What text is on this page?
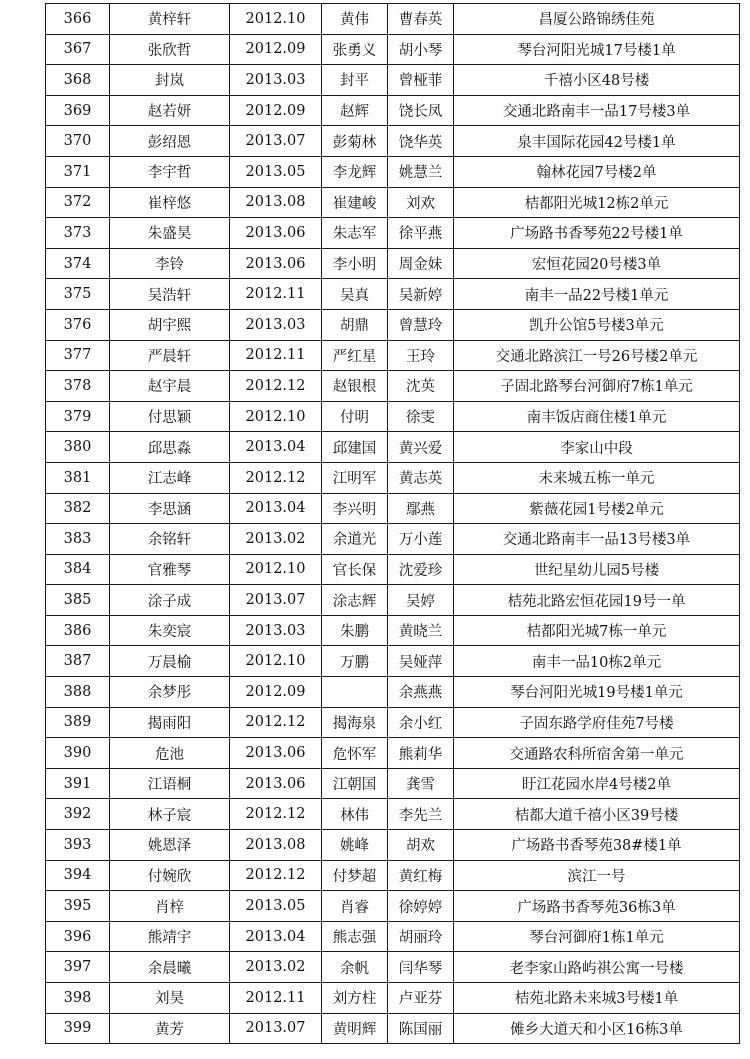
366	黄梓轩	2012.10	黄伟	曹春英	昌厦公路锦绣佳苑
367	张欣哲	2012.09	张勇义	胡小琴	琴台河阳光城17号楼1单
368	封岚	2013.03	封平	曾桠菲	千禧小区48号楼
369	赵若妍	2012.09	赵辉	饶长凤	交通北路南丰一品17号楼3单
370	彭绍恩	2013.07	彭菊林	饶华英	泉丰国际花园42号楼1单
371	李宇哲	2013.05	李龙辉	姚慧兰	翰林花园7号楼2单
372	崔梓悠	2013.08	崔建峻	刘欢	桔都阳光城12栋2单元
373	朱盛昊	2013.06	朱志军	徐平燕	广场路书香琴苑22号楼1单
374	李铃	2013.06	李小明	周金妹	宏恒花园20号楼3单
375	吴浩轩	2012.11	吴真	吴新婷	南丰一品22号楼1单元
376	胡宇熙	2013.03	胡鼎	曾慧玲	凯升公馆5号楼3单元
377	严晨轩	2012.11	严红星	王玲	交通北路滨江一号26号楼2单元
378	赵宇晨	2012.12	赵银根	沈英	子固北路琴台河御府7栋1单元
379	付思颖	2012.10	付明	徐雯	南丰饭店商住楼1单元
380	邱思淼	2013.04	邱建国	黄兴爱	李家山中段
381	江志峰	2012.12	江明军	黄志英	未来城五栋一单元
382	李思涵	2013.04	李兴明	鄢燕	紫薇花园1号楼2单元
383	余铭轩	2013.02	余道光	万小莲	交通北路南丰一品13号楼3单
384	官雅琴	2012.10	官长保	沈爱珍	世纪星幼儿园5号楼
385	涂子成	2013.07	涂志辉	吴婷	桔苑北路宏恒花园19号一单
386	朱奕宸	2013.03	朱鹏	黄晓兰	桔都阳光城7栋一单元
387	万晨榆	2012.10	万鹏	吴娅萍	南丰一品10栋2单元
388	余梦彤	2012.09		余燕燕	琴台河阳光城19号楼1单元
389	揭雨阳	2012.12	揭海泉	余小红	子固东路学府佳苑7号楼
390	危池	2013.06	危怀军	熊莉华	交通路农科所宿舍第一单元
391	江语桐	2013.06	江朝国	龚雪	盱江花园水岸4号楼2单
392	林子宸	2012.12	林伟	李先兰	桔都大道千禧小区39号楼
393	姚恩泽	2013.08	姚峰	胡欢	广场路书香琴苑38#楼1单
394	付婉欣	2012.12	付梦超	黄红梅	滨江一号
395	肖梓	2013.05	肖睿	徐婷婷	广场路书香琴苑36栋3单
396	熊靖宇	2013.04	熊志强	胡丽玲	琴台河御府1栋1单元
397	余晨曦	2013.02	余帆	闫华琴	老李家山路屿祺公寓一号楼
398	刘昊	2012.11	刘方柱	卢亚芬	桔苑北路未来城3号楼1单
399	黄芳	2013.07	黄明辉	陈国丽	傩乡大道天和小区16栋3单
